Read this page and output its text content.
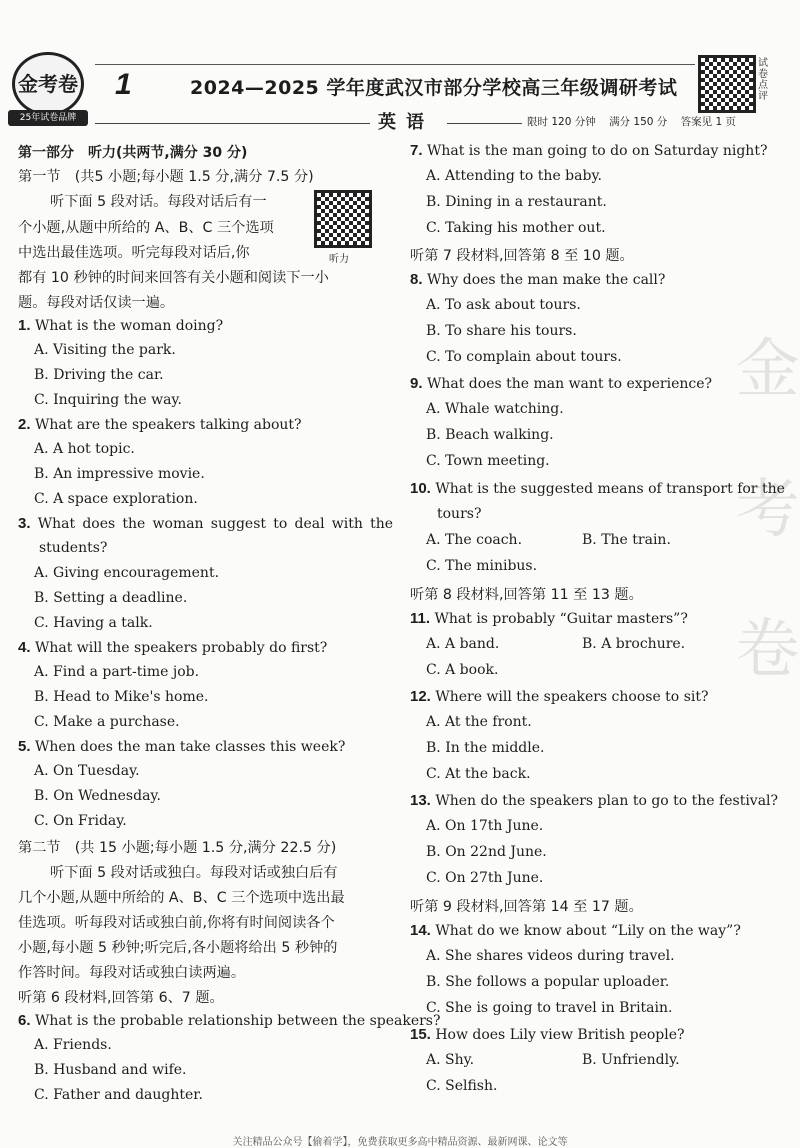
金
考
卷
金考卷
25年试卷品牌
1	2024—2025 学年度武汉市部分学校高三年级调研考试
试卷点评
英语	限时 120 分钟 满分 150 分 答案见 1 页
第一部分　听力(共两节,满分 30 分)
第一节　(共5 小题;每小题 1.5 分,满分 7.5 分)
听下面 5 段对话。每段对话后有一
个小题,从题中所给的 A、B、C 三个选项
中选出最佳选项。听完每段对话后,你
都有 10 秒钟的时间来回答有关小题和阅读下一小
题。每段对话仅读一遍。
听力
1. What is the woman doing?
A. Visiting the park.
B. Driving the car.
C. Inquiring the way.
2. What are the speakers talking about?
A. A hot topic.
B. An impressive movie.
C. A space exploration.
3. What does the woman suggest to deal with the
students?
A. Giving encouragement.
B. Setting a deadline.
C. Having a talk.
4. What will the speakers probably do first?
A. Find a part-time job.
B. Head to Mike's home.
C. Make a purchase.
5. When does the man take classes this week?
A. On Tuesday.
B. On Wednesday.
C. On Friday.
第二节　(共 15 小题;每小题 1.5 分,满分 22.5 分)
听下面 5 段对话或独白。每段对话或独白后有
几个小题,从题中所给的 A、B、C 三个选项中选出最
佳选项。听每段对话或独白前,你将有时间阅读各个
小题,每小题 5 秒钟;听完后,各小题将给出 5 秒钟的
作答时间。每段对话或独白读两遍。
听第 6 段材料,回答第 6、7 题。
6. What is the probable relationship between the speakers?
A. Friends.
B. Husband and wife.
C. Father and daughter.
7. What is the man going to do on Saturday night?
A. Attending to the baby.
B. Dining in a restaurant.
C. Taking his mother out.
听第 7 段材料,回答第 8 至 10 题。
8. Why does the man make the call?
A. To ask about tours.
B. To share his tours.
C. To complain about tours.
9. What does the man want to experience?
A. Whale watching.
B. Beach walking.
C. Town meeting.
10. What is the suggested means of transport for the
tours?
A. The coach.	B. The train.
C. The minibus.
听第 8 段材料,回答第 11 至 13 题。
11. What is probably “Guitar masters”?
A. A band.	B. A brochure.
C. A book.
12. Where will the speakers choose to sit?
A. At the front.
B. In the middle.
C. At the back.
13. When do the speakers plan to go to the festival?
A. On 17th June.
B. On 22nd June.
C. On 27th June.
听第 9 段材料,回答第 14 至 17 题。
14. What do we know about “Lily on the way”?
A. She shares videos during travel.
B. She follows a popular uploader.
C. She is going to travel in Britain.
15. How does Lily view British people?
A. Shy.	B. Unfriendly.
C. Selfish.
关注精品公众号【偷着学】，免费获取更多高中精品资源、最新网课、论文等
